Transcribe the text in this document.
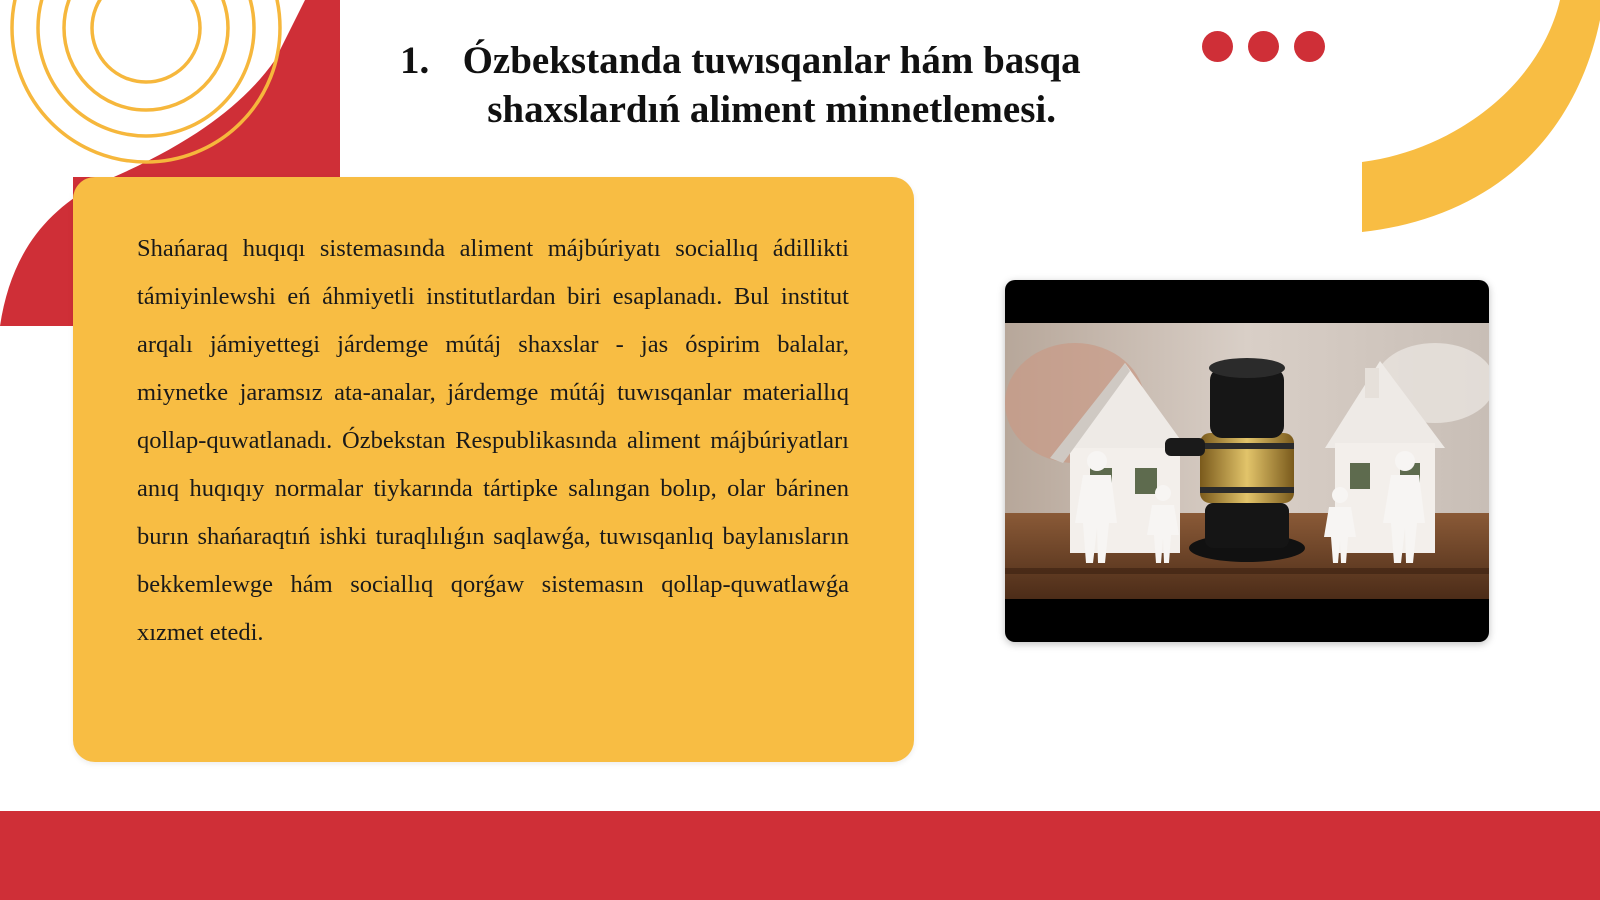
1. Ózbekstanda tuwısqanlar hám basqa shaxslardıń aliment minnetlemesi.

Shańaraq huqıqı sistemasında aliment májbúriyatı sociallıq ádillikti támiyinlewshi eń áhmiyetli institutlardan biri esaplanadı. Bul institut arqalı jámiyettegi járdemge mútáj shaxslar - jas óspirim balalar, miynetke jaramsız ata-analar, járdemge mútáj tuwısqanlar materiallıq qollap-quwatlanadı. Ózbekstan Respublikasında aliment májbúriyatları anıq huqıqıy normalar tiykarında tártipke salıngan bolıp, olar bárinen burın shańaraqtıń ishki turaqlılıǵın saqlawǵa, tuwısqanlıq baylanısların bekkemlewge hám sociallıq qorǵaw sistemasın qollap-quwatlawǵa xızmet etedi.
